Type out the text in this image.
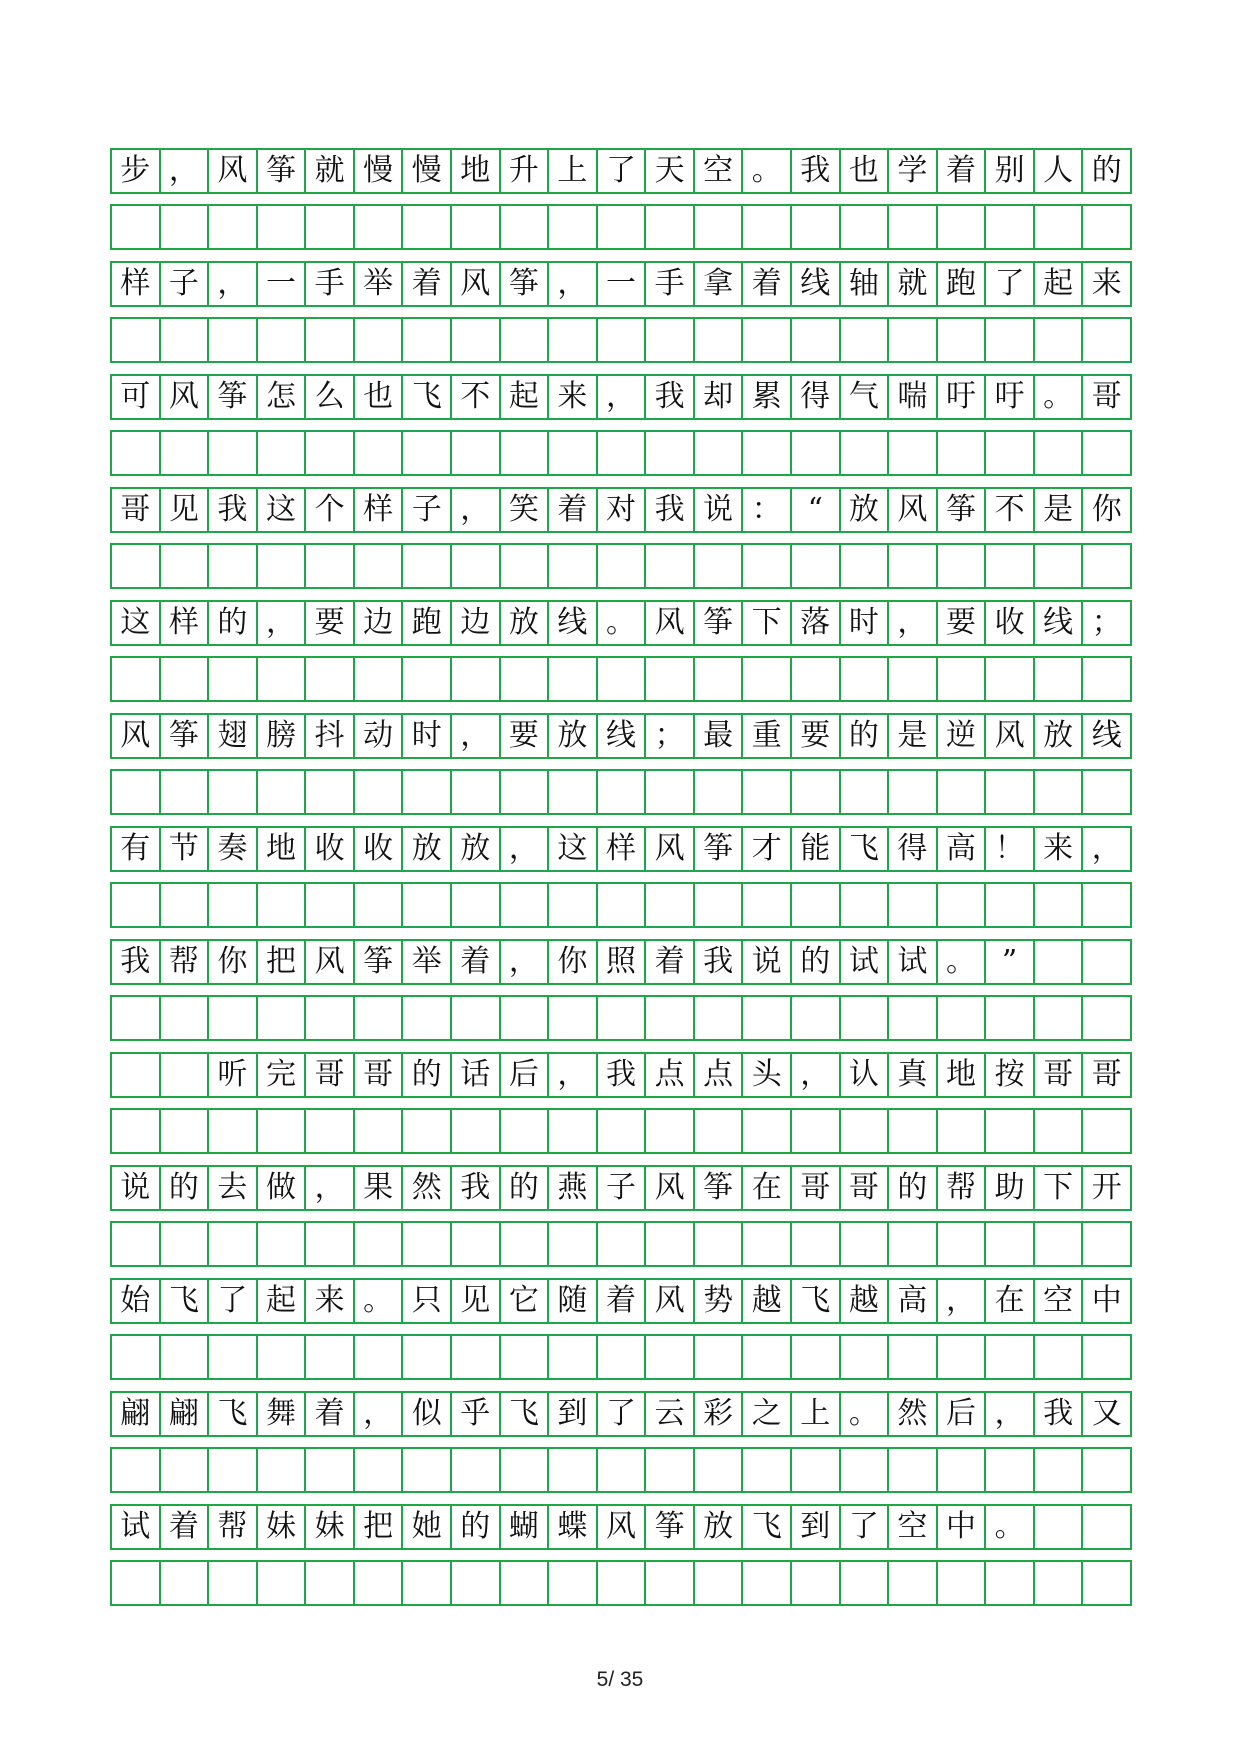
步 ， 风 筝 就 慢 慢 地 升 上 了 天 空 。 我 也 学 着 别 人 的
样 子 ， 一 手 举 着 风 筝 ， 一 手 拿 着 线 轴 就 跑 了 起 来
可 风 筝 怎 么 也 飞 不 起 来 ， 我 却 累 得 气 喘 吁 吁 。 哥
哥 见 我 这 个 样 子 ， 笑 着 对 我 说 ： “ 放 风 筝 不 是 你
这 样 的 ， 要 边 跑 边 放 线 。 风 筝 下 落 时 ， 要 收 线 ；
风 筝 翅 膀 抖 动 时 ， 要 放 线 ； 最 重 要 的 是 逆 风 放 线
有 节 奏 地 收 收 放 放 ， 这 样 风 筝 才 能 飞 得 高 ！ 来 ，
我 帮 你 把 风 筝 举 着 ， 你 照 着 我 说 的 试 试 。 ”
听 完 哥 哥 的 话 后 ， 我 点 点 头 ， 认 真 地 按 哥 哥
说 的 去 做 ， 果 然 我 的 燕 子 风 筝 在 哥 哥 的 帮 助 下 开
始 飞 了 起 来 。 只 见 它 随 着 风 势 越 飞 越 高 ， 在 空 中
翩 翩 飞 舞 着 ， 似 乎 飞 到 了 云 彩 之 上 。 然 后 ， 我 又
试 着 帮 妹 妹 把 她 的 蝴 蝶 风 筝 放 飞 到 了 空 中 。
5/ 35
